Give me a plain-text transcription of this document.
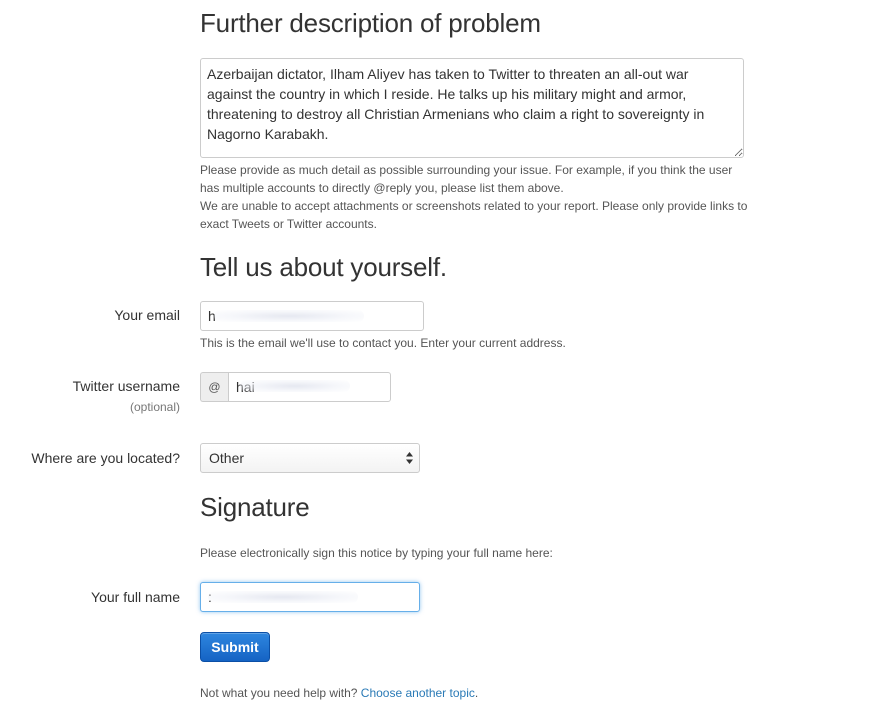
Further description of problem
Azerbaijan dictator, Ilham Aliyev has taken to Twitter to threaten an all-out war against the country in which I reside. He talks up his military might and armor, threatening to destroy all Christian Armenians who claim a right to sovereignty in Nagorno Karabakh.
Please provide as much detail as possible surrounding your issue. For example, if you think the user has multiple accounts to directly @reply you, please list them above.
We are unable to accept attachments or screenshots related to your report. Please only provide links to exact Tweets or Twitter accounts.
Tell us about yourself.
Your email
h
This is the email we'll use to contact you. Enter your current address.
Twitter username
(optional)
@
hai
Where are you located?	Other
Signature
Please electronically sign this notice by typing your full name here:
Your full name
:
Submit
Not what you need help with? Choose another topic.
